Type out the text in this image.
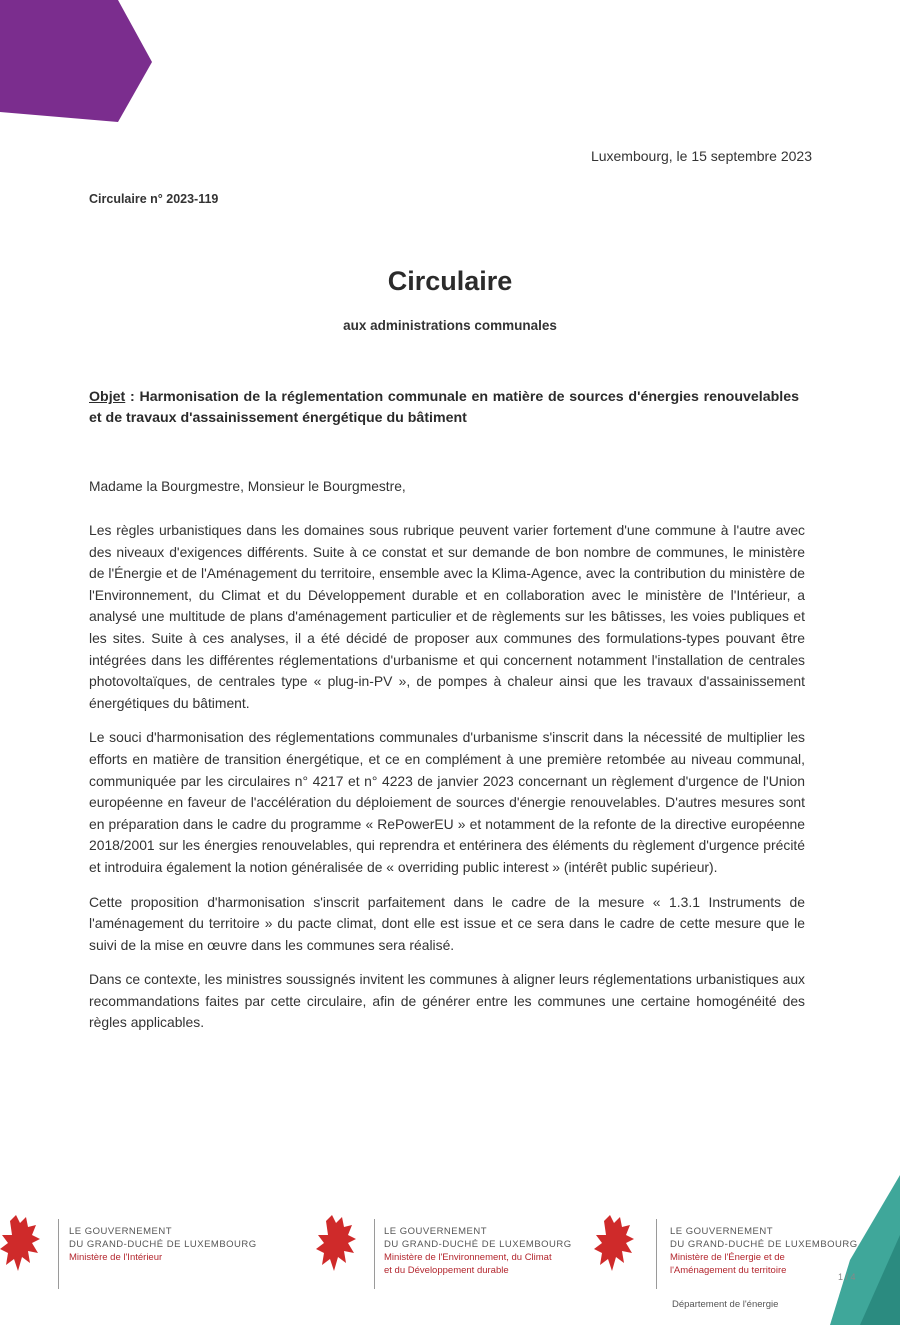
Luxembourg, le 15 septembre 2023
Circulaire n° 2023-119
Circulaire
aux administrations communales
Objet : Harmonisation de la réglementation communale en matière de sources d'énergies renouvelables et de travaux d'assainissement énergétique du bâtiment
Madame la Bourgmestre, Monsieur le Bourgmestre,

Les règles urbanistiques dans les domaines sous rubrique peuvent varier fortement d'une commune à l'autre avec des niveaux d'exigences différents. Suite à ce constat et sur demande de bon nombre de communes, le ministère de l'Énergie et de l'Aménagement du territoire, ensemble avec la Klima-Agence, avec la contribution du ministère de l'Environnement, du Climat et du Développement durable et en collaboration avec le ministère de l'Intérieur, a analysé une multitude de plans d'aménagement particulier et de règlements sur les bâtisses, les voies publiques et les sites. Suite à ces analyses, il a été décidé de proposer aux communes des formulations-types pouvant être intégrées dans les différentes réglementations d'urbanisme et qui concernent notamment l'installation de centrales photovoltaïques, de centrales type « plug-in-PV », de pompes à chaleur ainsi que les travaux d'assainissement énergétiques du bâtiment.

Le souci d'harmonisation des réglementations communales d'urbanisme s'inscrit dans la nécessité de multiplier les efforts en matière de transition énergétique, et ce en complément à une première retombée au niveau communal, communiquée par les circulaires n° 4217 et n° 4223 de janvier 2023 concernant un règlement d'urgence de l'Union européenne en faveur de l'accélération du déploiement de sources d'énergie renouvelables. D'autres mesures sont en préparation dans le cadre du programme « RePowerEU » et notamment de la refonte de la directive européenne 2018/2001 sur les énergies renouvelables, qui reprendra et entérinera des éléments du règlement d'urgence précité et introduira également la notion généralisée de « overriding public interest » (intérêt public supérieur).

Cette proposition d'harmonisation s'inscrit parfaitement dans le cadre de la mesure « 1.3.1 Instruments de l'aménagement du territoire » du pacte climat, dont elle est issue et ce sera dans le cadre de cette mesure que le suivi de la mise en œuvre dans les communes sera réalisé.

Dans ce contexte, les ministres soussignés invitent les communes à aligner leurs réglementations urbanistiques aux recommandations faites par cette circulaire, afin de générer entre les communes une certaine homogénéité des règles applicables.

LE GOUVERNEMENT
DU GRAND-DUCHÉ DE LUXEMBOURG
Ministère de l'Intérieur
LE GOUVERNEMENT
DU GRAND-DUCHÉ DE LUXEMBOURG
Ministère de l'Environnement, du Climat
et du Développement durable
LE GOUVERNEMENT
DU GRAND-DUCHÉ DE LUXEMBOURG
Ministère de l'Énergie et de
l'Aménagement du territoire
1 / 4
Département de l'énergie
